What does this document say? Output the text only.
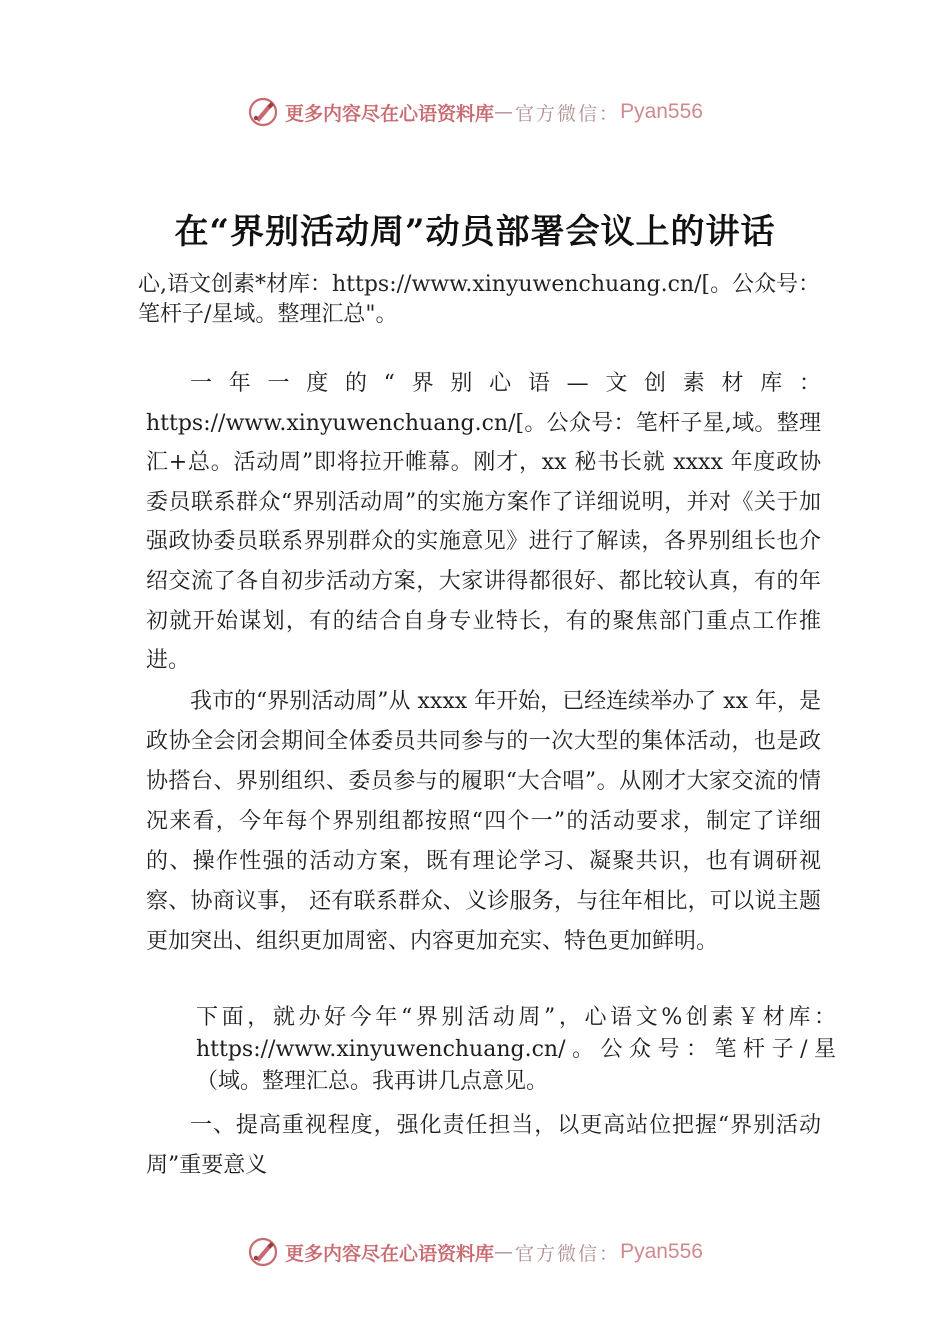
更多内容尽在心语资料库 — 官方微信： Pyan556
在“界别活动周”动员部署会议上的讲话
心,语文创素*材库：https://www.xinyuwenchuang.cn/[。公众号：笔杆子/星域。整理汇总"。
一年一度的“界别心语—文创素材库：https://www.xinyuwenchuang.cn/[。公众号：笔杆子星,域。整理汇+总。活动周”即将拉开帷幕。刚才，xx 秘书长就 xxxx 年度政协委员联系群众“界别活动周”的实施方案作了详细说明，并对《关于加强政协委员联系界别群众的实施意见》进行了解读，各界别组长也介绍交流了各自初步活动方案，大家讲得都很好、都比较认真，有的年初就开始谋划，有的结合自身专业特长，有的聚焦部门重点工作推进。
我市的“界别活动周”从 xxxx 年开始，已经连续举办了 xx 年，是政协全会闭会期间全体委员共同参与的一次大型的集体活动，也是政协搭台、界别组织、委员参与的履职“大合唱”。从刚才大家交流的情况来看，今年每个界别组都按照“四个一”的活动要求，制定了详细的、操作性强的活动方案，既有理论学习、凝聚共识，也有调研视察、协商议事， 还有联系群众、义诊服务，与往年相比，可以说主题更加突出、组织更加周密、内容更加充实、特色更加鲜明。
下面，就办好今年“界别活动周”，心语文%创素￥材库：https://www.xinyuwenchuang.cn/。公众号：笔杆子/星（域。整理汇总。我再讲几点意见。
一、提高重视程度，强化责任担当，以更高站位把握“界别活动周”重要意义
更多内容尽在心语资料库 — 官方微信： Pyan556
